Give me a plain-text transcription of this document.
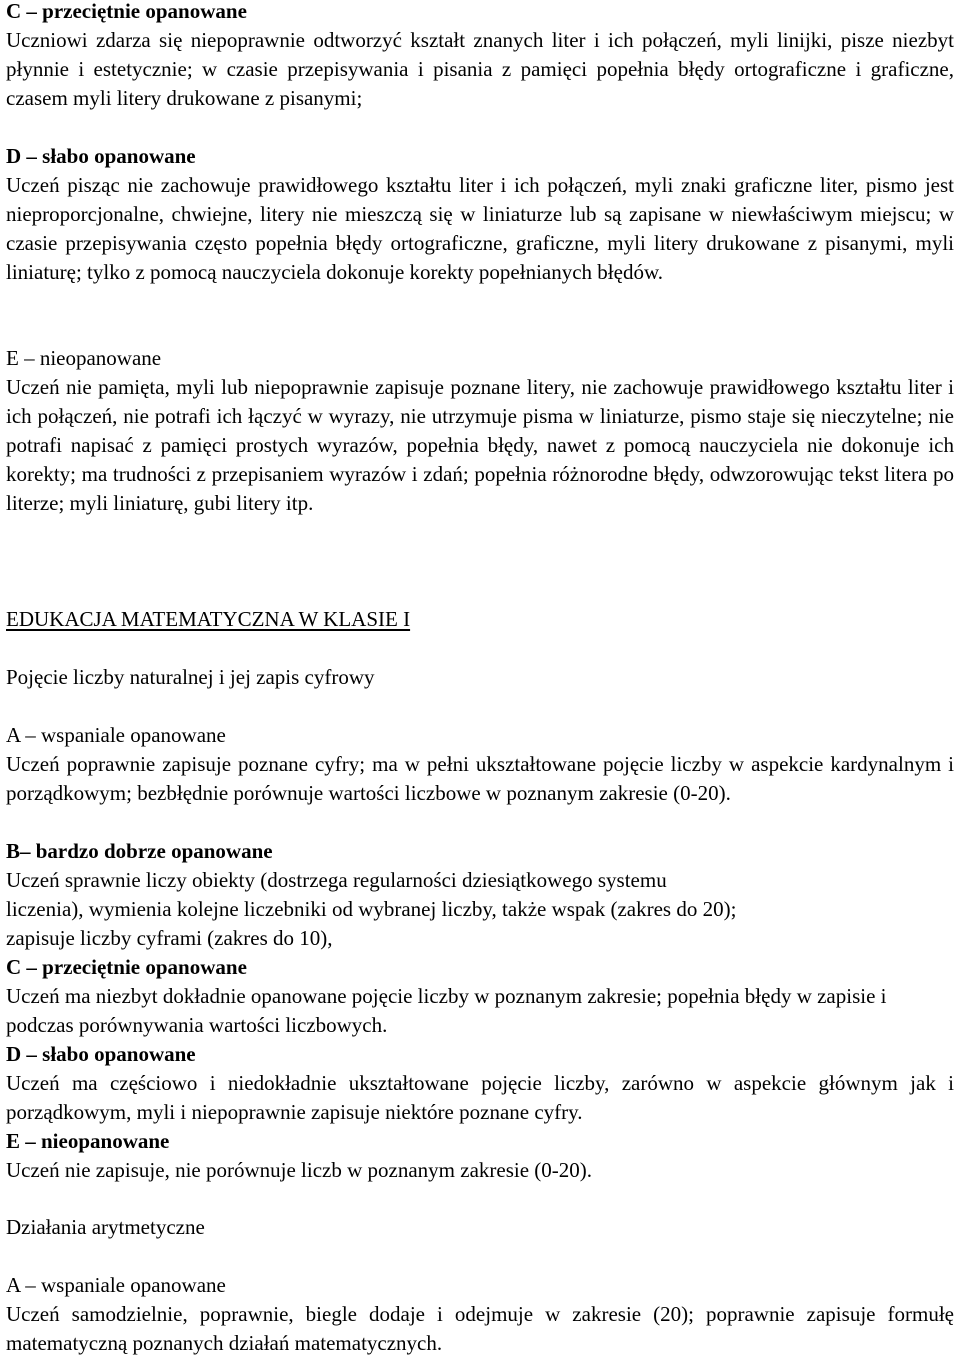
C – przeciętnie opanowane
Uczniowi zdarza się niepoprawnie odtworzyć kształt znanych liter i ich połączeń, myli linijki, pisze niezbyt płynnie i estetycznie; w czasie przepisywania i pisania z pamięci popełnia błędy ortograficzne i graficzne, czasem myli litery drukowane z pisanymi;
D – słabo opanowane
Uczeń pisząc nie zachowuje prawidłowego kształtu liter i ich połączeń, myli znaki graficzne liter, pismo jest nieproporcjonalne, chwiejne, litery nie mieszczą się w liniaturze lub są zapisane w niewłaściwym miejscu; w czasie przepisywania często popełnia błędy ortograficzne, graficzne, myli litery drukowane z pisanymi, myli liniaturę; tylko z pomocą nauczyciela dokonuje korekty popełnianych błędów.
E – nieopanowane
Uczeń nie pamięta, myli lub niepoprawnie zapisuje poznane litery, nie zachowuje prawidłowego kształtu liter i ich połączeń, nie potrafi ich łączyć w wyrazy, nie utrzymuje pisma w liniaturze, pismo staje się nieczytelne; nie potrafi napisać z pamięci prostych wyrazów, popełnia błędy, nawet z pomocą nauczyciela nie dokonuje ich korekty; ma trudności z przepisaniem wyrazów i zdań; popełnia różnorodne błędy, odwzorowując tekst litera po literze; myli liniaturę, gubi litery itp.
EDUKACJA MATEMATYCZNA W KLASIE I
Pojęcie liczby naturalnej i jej zapis cyfrowy
A – wspaniale opanowane
Uczeń poprawnie zapisuje poznane cyfry; ma w pełni ukształtowane pojęcie liczby w aspekcie kardynalnym i porządkowym; bezbłędnie porównuje wartości liczbowe w poznanym zakresie (0-20).
B– bardzo dobrze opanowane
Uczeń sprawnie liczy obiekty (dostrzega regularności dziesiątkowego systemu
liczenia), wymienia kolejne liczebniki od wybranej liczby, także wspak (zakres do 20);
zapisuje liczby cyframi (zakres do 10),
C – przeciętnie opanowane
Uczeń ma niezbyt dokładnie opanowane pojęcie liczby w poznanym zakresie; popełnia błędy w zapisie i podczas porównywania wartości liczbowych.
D – słabo opanowane
Uczeń ma częściowo i niedokładnie ukształtowane pojęcie liczby, zarówno w aspekcie głównym jak i porządkowym, myli i niepoprawnie zapisuje niektóre poznane cyfry.
E – nieopanowane
Uczeń nie zapisuje, nie porównuje liczb w poznanym zakresie (0-20).
Działania arytmetyczne
A – wspaniale opanowane
Uczeń samodzielnie, poprawnie, biegle dodaje i odejmuje w zakresie (20); poprawnie zapisuje formułę matematyczną poznanych działań matematycznych.
